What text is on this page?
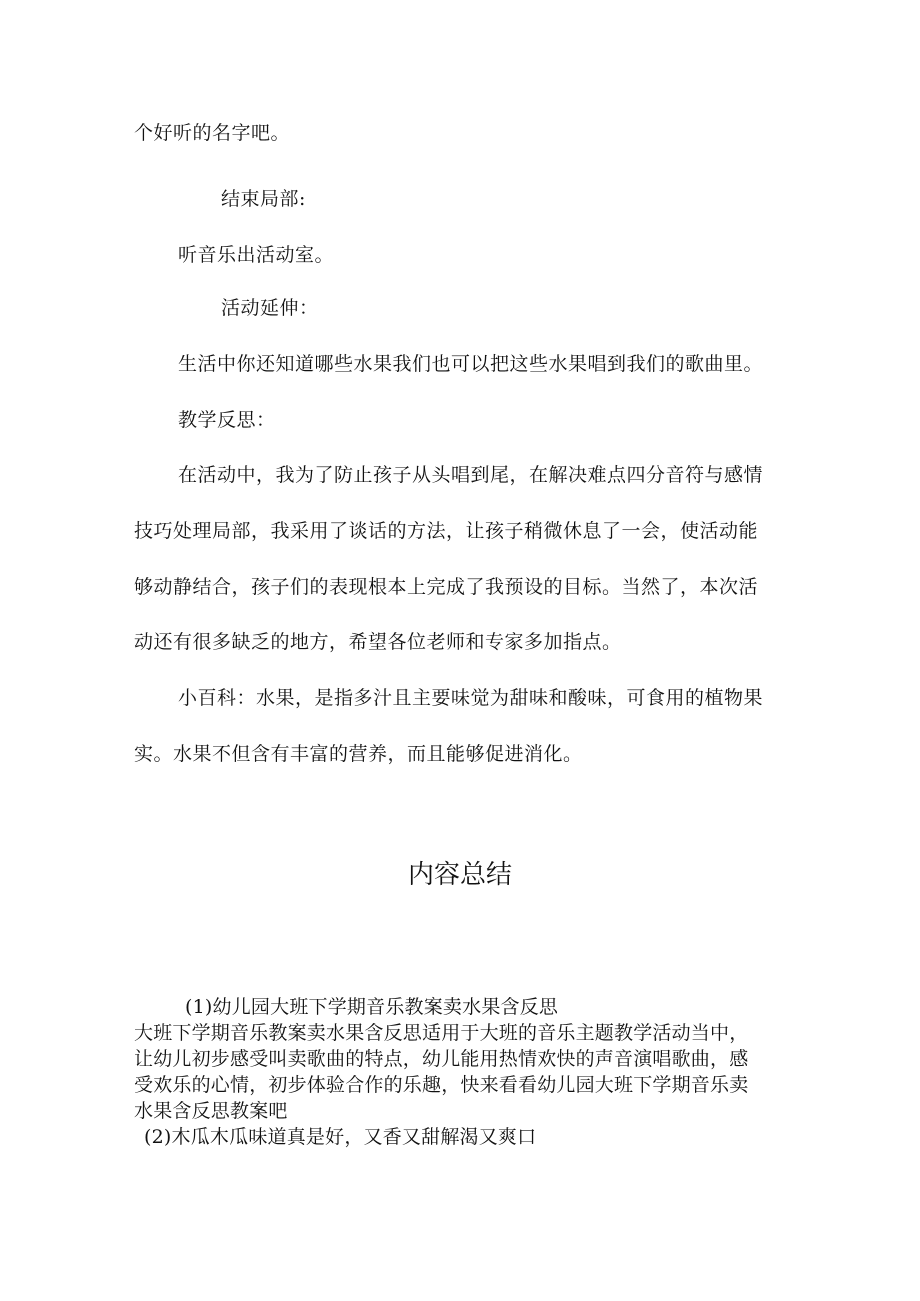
个好听的名字吧。
结束局部:
听音乐出活动室。
活动延伸：
生活中你还知道哪些水果我们也可以把这些水果唱到我们的歌曲里。
教学反思：
在活动中，我为了防止孩子从头唱到尾，在解决难点四分音符与感情
技巧处理局部，我采用了谈话的方法，让孩子稍微休息了一会，使活动能
够动静结合，孩子们的表现根本上完成了我预设的目标。当然了，本次活
动还有很多缺乏的地方，希望各位老师和专家多加指点。
小百科：水果，是指多汁且主要味觉为甜味和酸味，可食用的植物果
实。水果不但含有丰富的营养，而且能够促进消化。
内容总结
(1)幼儿园大班下学期音乐教案卖水果含反思
大班下学期音乐教案卖水果含反思适用于大班的音乐主题教学活动当中，
让幼儿初步感受叫卖歌曲的特点，幼儿能用热情欢快的声音演唱歌曲，感
受欢乐的心情，初步体验合作的乐趣，快来看看幼儿园大班下学期音乐卖
水果含反思教案吧
(2)木瓜木瓜味道真是好，又香又甜解渴又爽口
